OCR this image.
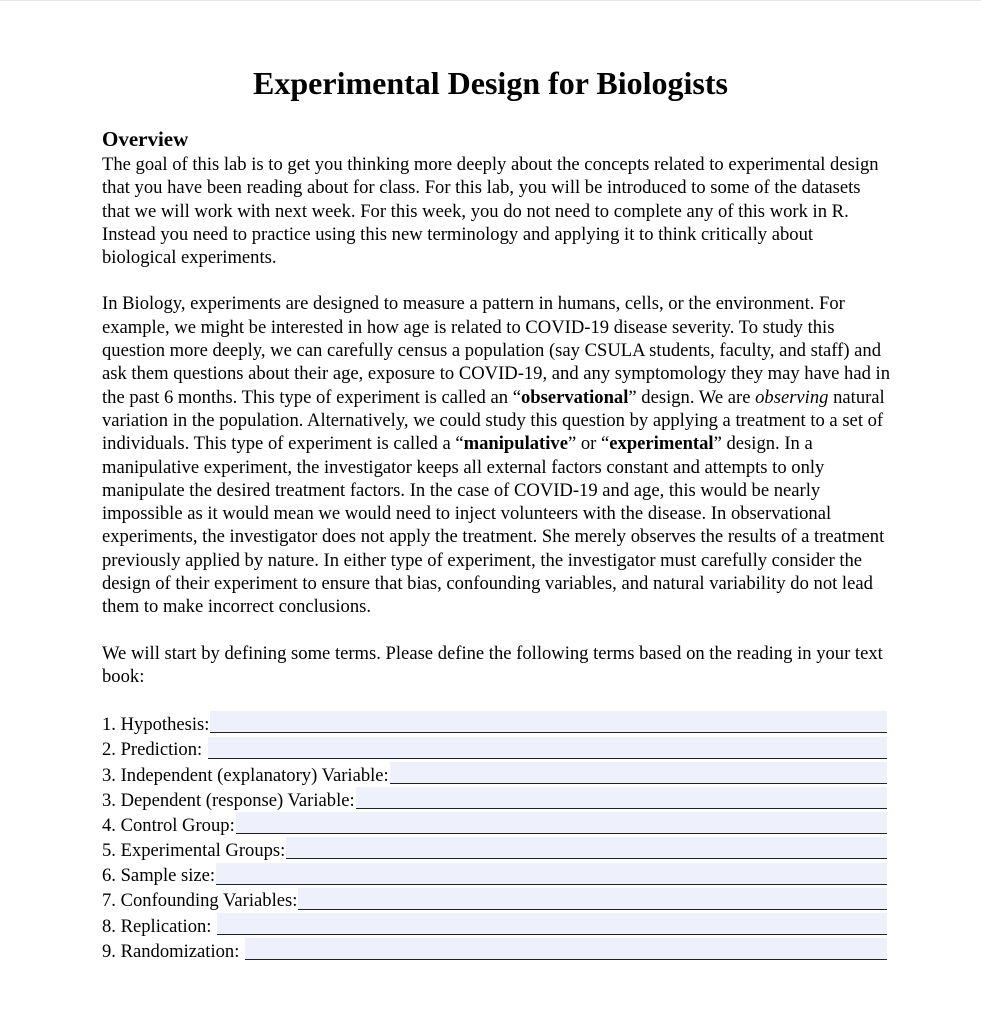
Experimental Design for Biologists
Overview

The goal of this lab is to get you thinking more deeply about the concepts related to experimental design that you have been reading about for class. For this lab, you will be introduced to some of the datasets that we will work with next week. For this week, you do not need to complete any of this work in R. Instead you need to practice using this new terminology and applying it to think critically about biological experiments.

In Biology, experiments are designed to measure a pattern in humans, cells, or the environment. For example, we might be interested in how age is related to COVID-19 disease severity. To study this question more deeply, we can carefully census a population (say CSULA students, faculty, and staff) and ask them questions about their age, exposure to COVID-19, and any symptomology they may have had in the past 6 months. This type of experiment is called an “observational” design. We are observing natural variation in the population. Alternatively, we could study this question by applying a treatment to a set of individuals. This type of experiment is called a “manipulative” or “experimental” design. In a manipulative experiment, the investigator keeps all external factors constant and attempts to only manipulate the desired treatment factors. In the case of COVID-19 and age, this would be nearly impossible as it would mean we would need to inject volunteers with the disease. In observational experiments, the investigator does not apply the treatment. She merely observes the results of a treatment previously applied by nature. In either type of experiment, the investigator must carefully consider the design of their experiment to ensure that bias, confounding variables, and natural variability do not lead them to make incorrect conclusions.

We will start by defining some terms. Please define the following terms based on the reading in your text book:

1. Hypothesis:
2. Prediction:
3. Independent (explanatory) Variable:
3. Dependent (response) Variable:
4. Control Group:
5. Experimental Groups:
6. Sample size:
7. Confounding Variables:
8. Replication:
9. Randomization:
